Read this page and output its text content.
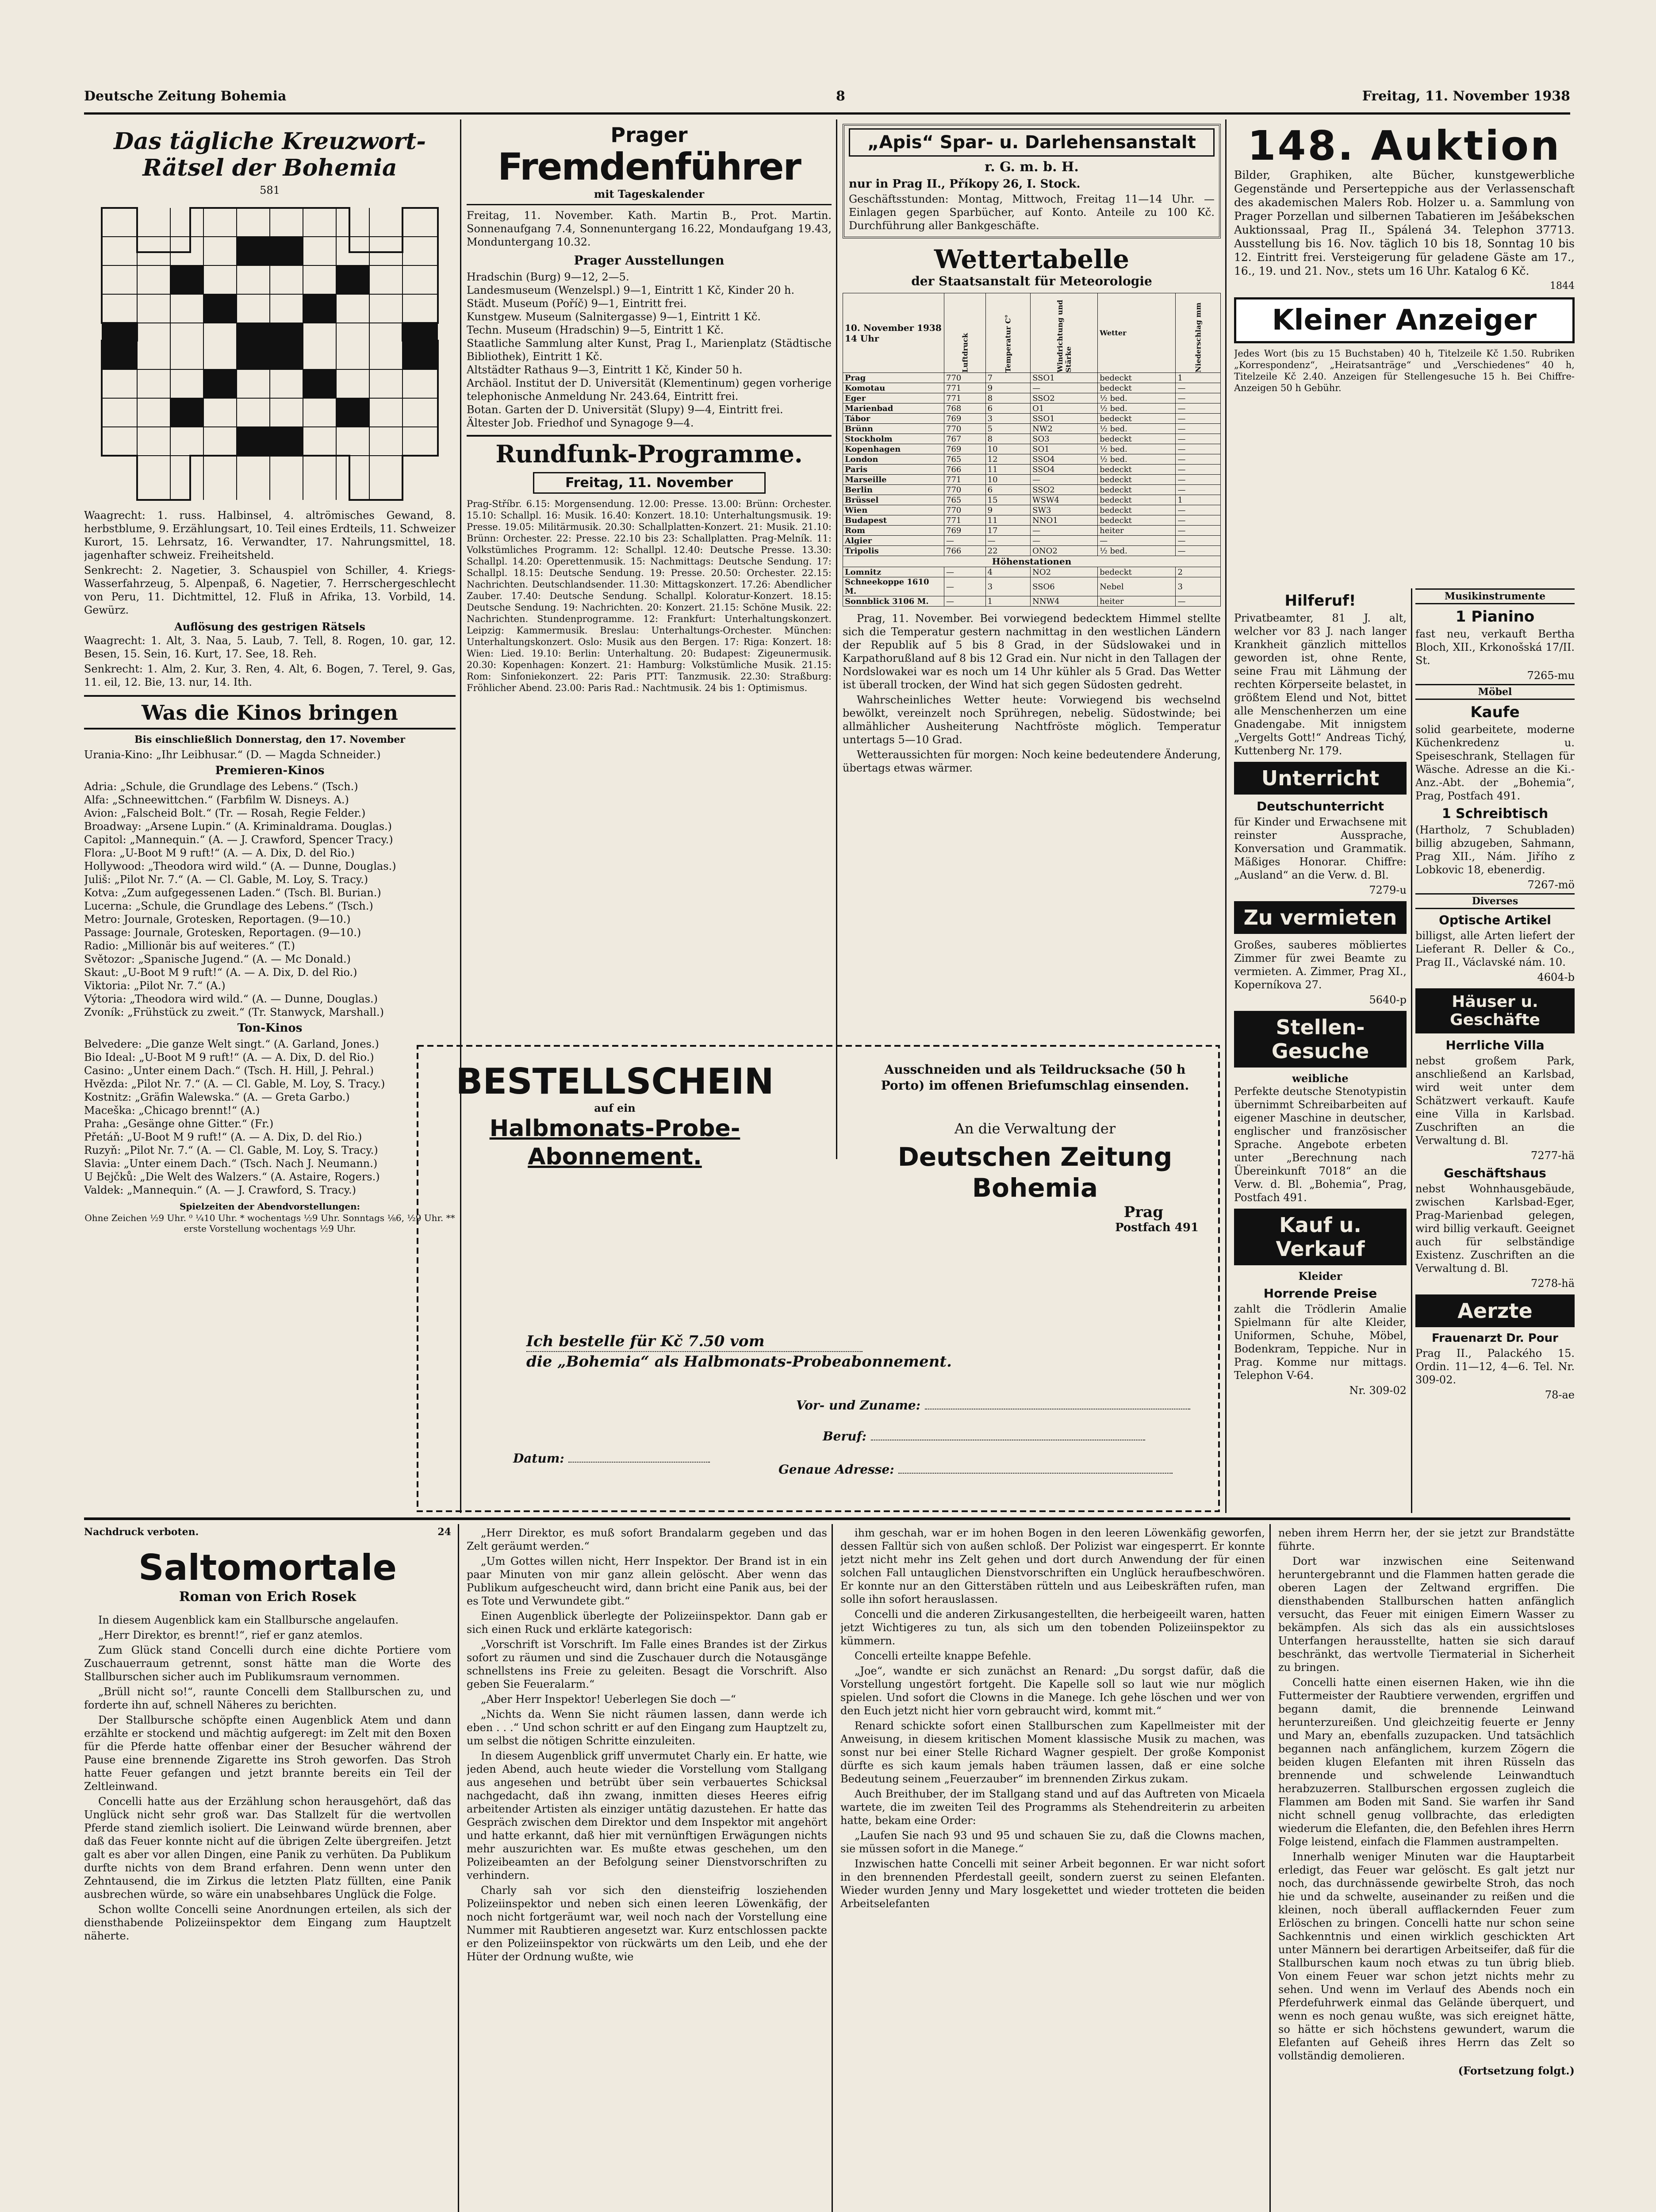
Deutsche Zeitung Bohemia	8	Freitag, 11. November 1938
Das tägliche Kreuzwort-
Rätsel der Bohemia
581

Waagrecht: 1. russ. Halbinsel, 4. altrömisches Gewand, 8. herbstblume, 9. Erzählungsart, 10. Teil eines Erdteils, 11. Schweizer Kurort, 15. Lehrsatz, 16. Verwandter, 17. Nahrungsmittel, 18. jagenhafter schweiz. Freiheitsheld.

Senkrecht: 2. Nagetier, 3. Schauspiel von Schiller, 4. Kriegs-Wasserfahrzeug, 5. Alpenpaß, 6. Nagetier, 7. Herrschergeschlecht von Peru, 11. Dichtmittel, 12. Fluß in Afrika, 13. Vorbild, 14. Gewürz.

Auflösung des gestrigen Rätsels

Waagrecht: 1. Alt, 3. Naa, 5. Laub, 7. Tell, 8. Rogen, 10. gar, 12. Besen, 15. Sein, 16. Kurt, 17. See, 18. Reh.

Senkrecht: 1. Alm, 2. Kur, 3. Ren, 4. Alt, 6. Bogen, 7. Terel, 9. Gas, 11. eil, 12. Bie, 13. nur, 14. Ith.

Was die Kinos bringen

Bis einschließlich Donnerstag, den 17. November

Urania-Kino: „Ihr Leibhusar.“ (D. — Magda Schneider.)

Premieren-Kinos

Adria: „Schule, die Grundlage des Lebens.“ (Tsch.)

Alfa: „Schneewittchen.“ (Farbfilm W. Disneys. A.)

Avion: „Falscheid Bolt.“ (Tr. — Rosah, Regie Felder.)

Broadway: „Arsene Lupin.“ (A. Kriminaldrama. Douglas.)

Capitol: „Mannequin.“ (A. — J. Crawford, Spencer Tracy.)

Flora: „U-Boot M 9 ruft!“ (A. — A. Dix, D. del Rio.)

Hollywood: „Theodora wird wild.“ (A. — Dunne, Douglas.)

Juliš: „Pilot Nr. 7.“ (A. — Cl. Gable, M. Loy, S. Tracy.)

Kotva: „Zum aufgegessenen Laden.“ (Tsch. Bl. Burian.)

Lucerna: „Schule, die Grundlage des Lebens.“ (Tsch.)

Metro: Journale, Grotesken, Reportagen. (9—10.)

Passage: Journale, Grotesken, Reportagen. (9—10.)

Radio: „Millionär bis auf weiteres.“ (T.)

Světozor: „Spanische Jugend.“ (A. — Mc Donald.)

Skaut: „U-Boot M 9 ruft!“ (A. — A. Dix, D. del Rio.)

Viktoria: „Pilot Nr. 7.“ (A.)

Výtoria: „Theodora wird wild.“ (A. — Dunne, Douglas.)

Zvoník: „Frühstück zu zweit.“ (Tr. Stanwyck, Marshall.)

Ton-Kinos

Belvedere: „Die ganze Welt singt.“ (A. Garland, Jones.)

Bio Ideal: „U-Boot M 9 ruft!“ (A. — A. Dix, D. del Rio.)

Casino: „Unter einem Dach.“ (Tsch. H. Hill, J. Pehral.)

Hvězda: „Pilot Nr. 7.“ (A. — Cl. Gable, M. Loy, S. Tracy.)

Kostnitz: „Gräfin Walewska.“ (A. — Greta Garbo.)

Maceška: „Chicago brennt!“ (A.)

Praha: „Gesänge ohne Gitter.“ (Fr.)

Přetáň: „U-Boot M 9 ruft!“ (A. — A. Dix, D. del Rio.)

Ruzyň: „Pilot Nr. 7.“ (A. — Cl. Gable, M. Loy, S. Tracy.)

Slavia: „Unter einem Dach.“ (Tsch. Nach J. Neumann.)

U Bejčků: „Die Welt des Walzers.“ (A. Astaire, Rogers.)

Valdek: „Mannequin.“ (A. — J. Crawford, S. Tracy.)

Spielzeiten der Abendvorstellungen:

Ohne Zeichen ½9 Uhr. ⁰ ¼10 Uhr. * wochentags ½9 Uhr. Sonntags ⅛6, ½9 Uhr. ** erste Vorstellung wochentags ½9 Uhr.

Prager
Fremdenführer
mit Tageskalender

Freitag, 11. November. Kath. Martin B., Prot. Martin. Sonnenaufgang 7.4, Sonnenuntergang 16.22, Mondaufgang 19.43, Monduntergang 10.32.

Prager Ausstellungen

Hradschin (Burg) 9—12, 2—5.

Landesmuseum (Wenzelspl.) 9—1, Eintritt 1 Kč, Kinder 20 h.

Städt. Museum (Poříč) 9—1, Eintritt frei.

Kunstgew. Museum (Salnitergasse) 9—1, Eintritt 1 Kč.

Techn. Museum (Hradschin) 9—5, Eintritt 1 Kč.

Staatliche Sammlung alter Kunst, Prag I., Marienplatz (Städtische Bibliothek), Eintritt 1 Kč.

Altstädter Rathaus 9—3, Eintritt 1 Kč, Kinder 50 h.

Archäol. Institut der D. Universität (Klementinum) gegen vorherige telephonische Anmeldung Nr. 243.64, Eintritt frei.

Botan. Garten der D. Universität (Slupy) 9—4, Eintritt frei.

Ältester Job. Friedhof und Synagoge 9—4.

Rundfunk-Programme.
Freitag, 11. November

Prag-Stříbr. 6.15: Morgensendung. 12.00: Presse. 13.00: Brünn: Orchester. 15.10: Schallpl. 16: Musik. 16.40: Konzert. 18.10: Unterhaltungsmusik. 19: Presse. 19.05: Militärmusik. 20.30: Schallplatten-Konzert. 21: Musik. 21.10: Brünn: Orchester. 22: Presse. 22.10 bis 23: Schallplatten. Prag-Melník. 11: Volkstümliches Programm. 12: Schallpl. 12.40: Deutsche Presse. 13.30: Schallpl. 14.20: Operettenmusik. 15: Nachmittags: Deutsche Sendung. 17: Schallpl. 18.15: Deutsche Sendung. 19: Presse. 20.50: Orchester. 22.15: Nachrichten. Deutschlandsender. 11.30: Mittagskonzert. 17.26: Abendlicher Zauber. 17.40: Deutsche Sendung. Schallpl. Koloratur-Konzert. 18.15: Deutsche Sendung. 19: Nachrichten. 20: Konzert. 21.15: Schöne Musik. 22: Nachrichten. Stundenprogramme. 12: Frankfurt: Unterhaltungskonzert. Leipzig: Kammermusik. Breslau: Unterhaltungs-Orchester. München: Unterhaltungskonzert. Oslo: Musik aus den Bergen. 17: Riga: Konzert. 18: Wien: Lied. 19.10: Berlin: Unterhaltung. 20: Budapest: Zigeunermusik. 20.30: Kopenhagen: Konzert. 21: Hamburg: Volkstümliche Musik. 21.15: Rom: Sinfoniekonzert. 22: Paris PTT: Tanzmusik. 22.30: Straßburg: Fröhlicher Abend. 23.00: Paris Rad.: Nachtmusik. 24 bis 1: Optimismus.

BESTELLSCHEIN
auf ein
Halbmonats-Probe-Abonnement.
Ausschneiden und als Teildrucksache (50 h Porto) im offenen Briefumschlag einsenden.
An die Verwaltung der
Deutschen Zeitung Bohemia
Prag
Postfach 491
Ich bestelle für Kč 7.50 vom
die „Bohemia“ als Halbmonats-Probeabonnement.
Vor- und Zuname:
Beruf:
Datum:
Genaue Adresse:
„Apis“ Spar- u. Darlehensanstalt
r. G. m. b. H.

nur in Prag II., Příkopy 26, I. Stock.

Geschäftsstunden: Montag, Mittwoch, Freitag 11—14 Uhr. — Einlagen gegen Sparbücher, auf Konto. Anteile zu 100 Kč. Durchführung aller Bankgeschäfte.

Wettertabelle
der Staatsanstalt für Meteorologie
10. November 1938 14 Uhr	Luftdruck	Temperatur C°	Windrichtung und Stärke	Wetter	Niederschlag mm
Prag	770	7	SSO1	bedeckt	1
Komotau	771	9	—	bedeckt	—
Eger	771	8	SSO2	½ bed.	—
Marienbad	768	6	O1	½ bed.	—
Tábor	769	3	SSO1	bedeckt	—
Brünn	770	5	NW2	½ bed.	—
Stockholm	767	8	SO3	bedeckt	—
Kopenhagen	769	10	SO1	½ bed.	—
London	765	12	SSO4	½ bed.	—
Paris	766	11	SSO4	bedeckt	—
Marseille	771	10	—	bedeckt	—
Berlin	770	6	SSO2	bedeckt	—
Brüssel	765	15	WSW4	bedeckt	1
Wien	770	9	SW3	bedeckt	—
Budapest	771	11	NNO1	bedeckt	—
Rom	769	17	—	heiter	—
Algier	—	—	—	—	—
Tripolis	766	22	ONO2	½ bed.	—
Höhenstationen					
Lomnitz	—	4	NO2	bedeckt	2
Schneekoppe 1610 M.	—	3	SSO6	Nebel	3
Sonnblick 3106 M.	—	1	NNW4	heiter	—

Prag, 11. November. Bei vorwiegend bedecktem Himmel stellte sich die Temperatur gestern nachmittag in den westlichen Ländern der Republik auf 5 bis 8 Grad, in der Südslowakei und in Karpathorußland auf 8 bis 12 Grad ein. Nur nicht in den Tallagen der Nordslowakei war es noch um 14 Uhr kühler als 5 Grad. Das Wetter ist überall trocken, der Wind hat sich gegen Südosten gedreht.

Wahrscheinliches Wetter heute: Vorwiegend bis wechselnd bewölkt, vereinzelt noch Sprühregen, nebelig. Südostwinde; bei allmählicher Ausheiterung Nachtfröste möglich. Temperatur untertags 5—10 Grad.

Wetteraussichten für morgen: Noch keine bedeutendere Änderung, übertags etwas wärmer.

148. Auktion

Bilder, Graphiken, alte Bücher, kunstgewerbliche Gegenstände und Perserteppiche aus der Verlassenschaft des akademischen Malers Rob. Holzer u. a. Sammlung von Prager Porzellan und silbernen Tabatieren im Ješábekschen Auktionssaal, Prag II., Spálená 34. Telephon 37713. Ausstellung bis 16. Nov. täglich 10 bis 18, Sonntag 10 bis 12. Eintritt frei. Versteigerung für geladene Gäste am 17., 16., 19. und 21. Nov., stets um 16 Uhr. Katalog 6 Kč.

1844

Kleiner Anzeiger

Jedes Wort (bis zu 15 Buchstaben) 40 h, Titelzeile Kč 1.50. Rubriken „Korrespondenz“, „Heiratsanträge“ und „Verschiedenes“ 40 h, Titelzeile Kč 2.40. Anzeigen für Stellengesuche 15 h. Bei Chiffre-Anzeigen 50 h Gebühr.

Hilferuf!

Privatbeamter, 81 J. alt, welcher vor 83 J. nach langer Krankheit gänzlich mittellos geworden ist, ohne Rente, seine Frau mit Lähmung der rechten Körperseite belastet, in größtem Elend und Not, bittet alle Menschenherzen um eine Gnadengabe. Mit innigstem „Vergelts Gott!“ Andreas Tichý, Kuttenberg Nr. 179.

Unterricht
Deutschunterricht

für Kinder und Erwachsene mit reinster Aussprache, Konversation und Grammatik. Mäßiges Honorar. Chiffre: „Ausland“ an die Verw. d. Bl.

7279-u

Zu vermieten

Großes, sauberes möbliertes Zimmer für zwei Beamte zu vermieten. A. Zimmer, Prag XI., Koperníkova 27.

5640-p

Stellen-Gesuche
weibliche

Perfekte deutsche Stenotypistin übernimmt Schreibarbeiten auf eigener Maschine in deutscher, englischer und französischer Sprache. Angebote erbeten unter „Berechnung nach Übereinkunft 7018“ an die Verw. d. Bl. „Bohemia“, Prag, Postfach 491.

Kauf u. Verkauf
Kleider
Horrende Preise

zahlt die Trödlerin Amalie Spielmann für alte Kleider, Uniformen, Schuhe, Möbel, Bodenkram, Teppiche. Nur in Prag. Komme nur mittags. Telephon V-64.

Nr. 309-02

Musikinstrumente
1 Pianino

fast neu, verkauft Bertha Bloch, XII., Krkonošská 17/II. St.

7265-mu

Möbel
Kaufe

solid gearbeitete, moderne Küchenkredenz u. Speiseschrank, Stellagen für Wäsche. Adresse an die Ki.-Anz.-Abt. der „Bohemia“, Prag, Postfach 491.

1 Schreibtisch

(Hartholz, 7 Schubladen) billig abzugeben, Sahmann, Prag XII., Nám. Jiřího z Lobkovic 18, ebenerdig.

7267-mö

Diverses
Optische Artikel

billigst, alle Arten liefert der Lieferant R. Deller & Co., Prag II., Václavské nám. 10.

4604-b

Häuser u. Geschäfte
Herrliche Villa

nebst großem Park, anschließend an Karlsbad, wird weit unter dem Schätzwert verkauft. Kaufe eine Villa in Karlsbad. Zuschriften an die Verwaltung d. Bl.

7277-hä

Geschäftshaus

nebst Wohnhausgebäude, zwischen Karlsbad-Eger, Prag-Marienbad gelegen, wird billig verkauft. Geeignet auch für selbständige Existenz. Zuschriften an die Verwaltung d. Bl.

7278-hä

Aerzte
Frauenarzt Dr. Pour

Prag II., Palackého 15. Ordin. 11—12, 4—6. Tel. Nr. 309-02.

78-ae

Nachdruck verboten.	24
Saltomortale
Roman von Erich Rosek

In diesem Augenblick kam ein Stallbursche angelaufen.

„Herr Direktor, es brennt!“, rief er ganz atemlos.

Zum Glück stand Concelli durch eine dichte Portiere vom Zuschauerraum getrennt, sonst hätte man die Worte des Stallburschen sicher auch im Publikumsraum vernommen.

„Brüll nicht so!“, raunte Concelli dem Stallburschen zu, und forderte ihn auf, schnell Näheres zu berichten.

Der Stallbursche schöpfte einen Augenblick Atem und dann erzählte er stockend und mächtig aufgeregt: im Zelt mit den Boxen für die Pferde hatte offenbar einer der Besucher während der Pause eine brennende Zigarette ins Stroh geworfen. Das Stroh hatte Feuer gefangen und jetzt brannte bereits ein Teil der Zeltleinwand.

Concelli hatte aus der Erzählung schon herausgehört, daß das Unglück nicht sehr groß war. Das Stallzelt für die wertvollen Pferde stand ziemlich isoliert. Die Leinwand würde brennen, aber daß das Feuer konnte nicht auf die übrigen Zelte übergreifen. Jetzt galt es aber vor allen Dingen, eine Panik zu verhüten. Da Publikum durfte nichts von dem Brand erfahren. Denn wenn unter den Zehntausend, die im Zirkus die letzten Platz füllten, eine Panik ausbrechen würde, so wäre ein unabsehbares Unglück die Folge.

Schon wollte Concelli seine Anordnungen erteilen, als sich der diensthabende Polizeiinspektor dem Eingang zum Hauptzelt näherte.

„Herr Direktor, es muß sofort Brandalarm gegeben und das Zelt geräumt werden.“

„Um Gottes willen nicht, Herr Inspektor. Der Brand ist in ein paar Minuten von mir ganz allein gelöscht. Aber wenn das Publikum aufgescheucht wird, dann bricht eine Panik aus, bei der es Tote und Verwundete gibt.“

Einen Augenblick überlegte der Polizeiinspektor. Dann gab er sich einen Ruck und erklärte kategorisch:

„Vorschrift ist Vorschrift. Im Falle eines Brandes ist der Zirkus sofort zu räumen und sind die Zuschauer durch die Notausgänge schnellstens ins Freie zu geleiten. Besagt die Vorschrift. Also geben Sie Feueralarm.“

„Aber Herr Inspektor! Ueberlegen Sie doch —“

„Nichts da. Wenn Sie nicht räumen lassen, dann werde ich eben . . .“ Und schon schritt er auf den Eingang zum Hauptzelt zu, um selbst die nötigen Schritte einzuleiten.

In diesem Augenblick griff unvermutet Charly ein. Er hatte, wie jeden Abend, auch heute wieder die Vorstellung vom Stallgang aus angesehen und betrübt über sein verbauertes Schicksal nachgedacht, daß ihn zwang, inmitten dieses Heeres eifrig arbeitender Artisten als einziger untätig dazustehen. Er hatte das Gespräch zwischen dem Direktor und dem Inspektor mit angehört und hatte erkannt, daß hier mit vernünftigen Erwägungen nichts mehr auszurichten war. Es mußte etwas geschehen, um den Polizeibeamten an der Befolgung seiner Dienstvorschriften zu verhindern.

Charly sah vor sich den diensteifrig losziehenden Polizeiinspektor und neben sich einen leeren Löwenkäfig, der noch nicht fortgeräumt war, weil noch nach der Vorstellung eine Nummer mit Raubtieren angesetzt war. Kurz entschlossen packte er den Polizeiinspektor von rückwärts um den Leib, und ehe der Hüter der Ordnung wußte, wie

ihm geschah, war er im hohen Bogen in den leeren Löwenkäfig geworfen, dessen Falltür sich von außen schloß. Der Polizist war eingesperrt. Er konnte jetzt nicht mehr ins Zelt gehen und dort durch Anwendung der für einen solchen Fall untauglichen Dienstvorschriften ein Unglück heraufbeschwören. Er konnte nur an den Gitterstäben rütteln und aus Leibeskräften rufen, man solle ihn sofort herauslassen.

Concelli und die anderen Zirkusangestellten, die herbeigeeilt waren, hatten jetzt Wichtigeres zu tun, als sich um den tobenden Polizeiinspektor zu kümmern.

Concelli erteilte knappe Befehle.

„Joe“, wandte er sich zunächst an Renard: „Du sorgst dafür, daß die Vorstellung ungestört fortgeht. Die Kapelle soll so laut wie nur möglich spielen. Und sofort die Clowns in die Manege. Ich gehe löschen und wer von den Euch jetzt nicht hier vorn gebraucht wird, kommt mit.“

Renard schickte sofort einen Stallburschen zum Kapellmeister mit der Anweisung, in diesem kritischen Moment klassische Musik zu machen, was sonst nur bei einer Stelle Richard Wagner gespielt. Der große Komponist dürfte es sich kaum jemals haben träumen lassen, daß er eine solche Bedeutung seinem „Feuerzauber“ im brennenden Zirkus zukam.

Auch Breithuber, der im Stallgang stand und auf das Auftreten von Micaela wartete, die im zweiten Teil des Programms als Stehendreiterin zu arbeiten hatte, bekam eine Order:

„Laufen Sie nach 93 und 95 und schauen Sie zu, daß die Clowns machen, sie müssen sofort in die Manege.“

Inzwischen hatte Concelli mit seiner Arbeit begonnen. Er war nicht sofort in den brennenden Pferdestall geeilt, sondern zuerst zu seinen Elefanten. Wieder wurden Jenny und Mary losgekettet und wieder trotteten die beiden Arbeitselefanten

neben ihrem Herrn her, der sie jetzt zur Brandstätte führte.

Dort war inzwischen eine Seitenwand heruntergebrannt und die Flammen hatten gerade die oberen Lagen der Zeltwand ergriffen. Die diensthabenden Stallburschen hatten anfänglich versucht, das Feuer mit einigen Eimern Wasser zu bekämpfen. Als sich das als ein aussichtsloses Unterfangen herausstellte, hatten sie sich darauf beschränkt, das wertvolle Tiermaterial in Sicherheit zu bringen.

Concelli hatte einen eisernen Haken, wie ihn die Futtermeister der Raubtiere verwenden, ergriffen und begann damit, die brennende Leinwand herunterzureißen. Und gleichzeitig feuerte er Jenny und Mary an, ebenfalls zuzupacken. Und tatsächlich begannen nach anfänglichem, kurzem Zögern die beiden klugen Elefanten mit ihren Rüsseln das brennende und schwelende Leinwandtuch herabzuzerren. Stallburschen ergossen zugleich die Flammen am Boden mit Sand. Sie warfen ihr Sand nicht schnell genug vollbrachte, das erledigten wiederum die Elefanten, die, den Befehlen ihres Herrn Folge leistend, einfach die Flammen austrampelten.

Innerhalb weniger Minuten war die Hauptarbeit erledigt, das Feuer war gelöscht. Es galt jetzt nur noch, das durchnässende gewirbelte Stroh, das noch hie und da schwelte, auseinander zu reißen und die kleinen, noch überall aufflackernden Feuer zum Erlöschen zu bringen. Concelli hatte nur schon seine Sachkenntnis und einen wirklich geschickten Art unter Männern bei derartigen Arbeitseifer, daß für die Stallburschen kaum noch etwas zu tun übrig blieb. Von einem Feuer war schon jetzt nichts mehr zu sehen. Und wenn im Verlauf des Abends noch ein Pferdefuhrwerk einmal das Gelände überquert, und wenn es noch genau wußte, was sich ereignet hätte, so hätte er sich höchstens gewundert, warum die Elefanten auf Geheiß ihres Herrn das Zelt so vollständig demolieren.

(Fortsetzung folgt.)
